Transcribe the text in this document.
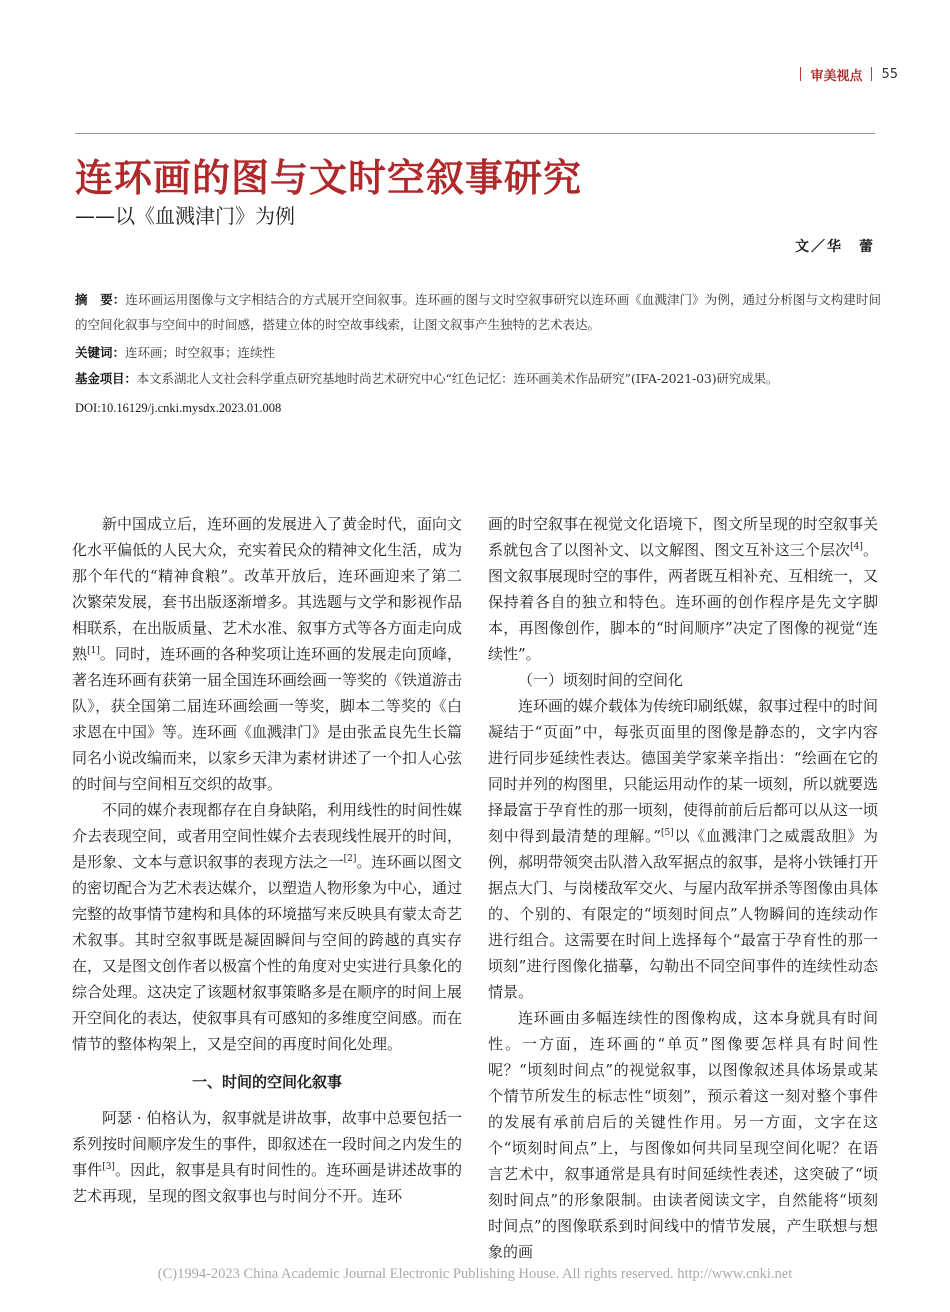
审美视点 55
连环画的图与文时空叙事研究

——以《血溅津门》为例

文／华　蕾

摘　要：连环画运用图像与文字相结合的方式展开空间叙事。连环画的图与文时空叙事研究以连环画《血溅津门》为例，通过分析图与文构建时间的空间化叙事与空间中的时间感，搭建立体的时空故事线索，让图文叙事产生独特的艺术表达。

关键词：连环画；时空叙事；连续性

基金项目：本文系湖北人文社会科学重点研究基地时尚艺术研究中心“红色记忆：连环画美术作品研究”(IFA-2021-03)研究成果。

DOI:10.16129/j.cnki.mysdx.2023.01.008

新中国成立后，连环画的发展进入了黄金时代，面向文化水平偏低的人民大众，充实着民众的精神文化生活，成为那个年代的“精神食粮”。改革开放后，连环画迎来了第二次繁荣发展，套书出版逐渐增多。其选题与文学和影视作品相联系，在出版质量、艺术水准、叙事方式等各方面走向成熟[1]。同时，连环画的各种奖项让连环画的发展走向顶峰，著名连环画有获第一届全国连环画绘画一等奖的《铁道游击队》，获全国第二届连环画绘画一等奖，脚本二等奖的《白求恩在中国》等。连环画《血溅津门》是由张孟良先生长篇同名小说改编而来，以家乡天津为素材讲述了一个扣人心弦的时间与空间相互交织的故事。

不同的媒介表现都存在自身缺陷，利用线性的时间性媒介去表现空间，或者用空间性媒介去表现线性展开的时间，是形象、文本与意识叙事的表现方法之一[2]。连环画以图文的密切配合为艺术表达媒介，以塑造人物形象为中心，通过完整的故事情节建构和具体的环境描写来反映具有蒙太奇艺术叙事。其时空叙事既是凝固瞬间与空间的跨越的真实存在，又是图文创作者以极富个性的角度对史实进行具象化的综合处理。这决定了该题材叙事策略多是在顺序的时间上展开空间化的表达，使叙事具有可感知的多维度空间感。而在情节的整体构架上，又是空间的再度时间化处理。

一、时间的空间化叙事

阿瑟 · 伯格认为，叙事就是讲故事，故事中总要包括一系列按时间顺序发生的事件，即叙述在一段时间之内发生的事件[3]。因此，叙事是具有时间性的。连环画是讲述故事的艺术再现，呈现的图文叙事也与时间分不开。连环

画的时空叙事在视觉文化语境下，图文所呈现的时空叙事关系就包含了以图补文、以文解图、图文互补这三个层次[4]。图文叙事展现时空的事件，两者既互相补充、互相统一，又保持着各自的独立和特色。连环画的创作程序是先文字脚本，再图像创作，脚本的“时间顺序”决定了图像的视觉“连续性”。

（一）顷刻时间的空间化

连环画的媒介载体为传统印刷纸媒，叙事过程中的时间凝结于“页面”中，每张页面里的图像是静态的，文字内容进行同步延续性表达。德国美学家莱辛指出：“绘画在它的同时并列的构图里，只能运用动作的某一顷刻，所以就要选择最富于孕育性的那一顷刻，使得前前后后都可以从这一顷刻中得到最清楚的理解。”[5]以《血溅津门之威震敌胆》为例，郝明带领突击队潜入敌军据点的叙事，是将小铁锤打开据点大门、与岗楼敌军交火、与屋内敌军拼杀等图像由具体的、个别的、有限定的“顷刻时间点”人物瞬间的连续动作进行组合。这需要在时间上选择每个“最富于孕育性的那一顷刻”进行图像化描摹，勾勒出不同空间事件的连续性动态情景。

连环画由多幅连续性的图像构成，这本身就具有时间性。一方面，连环画的“单页”图像要怎样具有时间性呢？“顷刻时间点”的视觉叙事，以图像叙述具体场景或某个情节所发生的标志性“顷刻”，预示着这一刻对整个事件的发展有承前启后的关键性作用。另一方面，文字在这个“顷刻时间点”上，与图像如何共同呈现空间化呢？在语言艺术中，叙事通常是具有时间延续性表述，这突破了“顷刻时间点”的形象限制。由读者阅读文字，自然能将“顷刻时间点”的图像联系到时间线中的情节发展，产生联想与想象的画

(C)1994-2023 China Academic Journal Electronic Publishing House. All rights reserved. http://www.cnki.net
